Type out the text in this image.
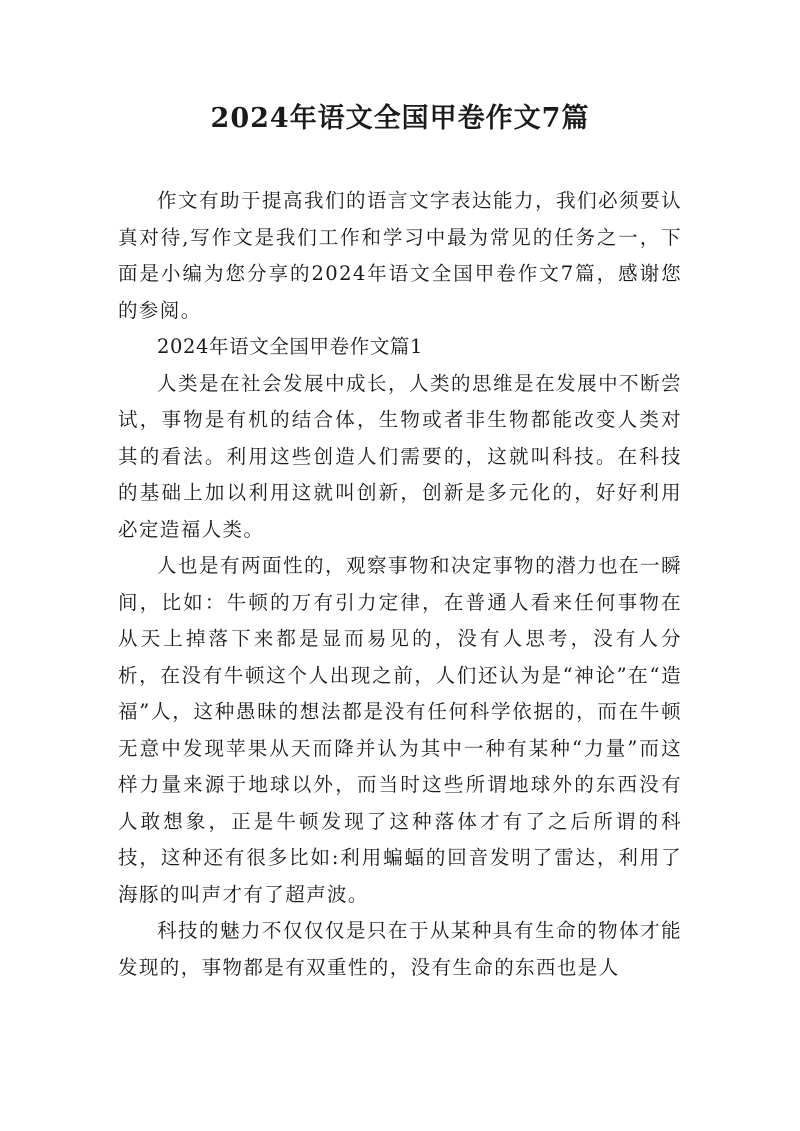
2024年语文全国甲卷作文7篇

作文有助于提高我们的语言文字表达能力，我们必须要认真对待,写作文是我们工作和学习中最为常见的任务之一，下面是小编为您分享的2024年语文全国甲卷作文7篇，感谢您的参阅。

2024年语文全国甲卷作文篇1

人类是在社会发展中成长，人类的思维是在发展中不断尝试，事物是有机的结合体，生物或者非生物都能改变人类对其的看法。利用这些创造人们需要的，这就叫科技。在科技的基础上加以利用这就叫创新，创新是多元化的，好好利用必定造福人类。

人也是有两面性的，观察事物和决定事物的潜力也在一瞬间，比如：牛顿的万有引力定律，在普通人看来任何事物在从天上掉落下来都是显而易见的，没有人思考，没有人分析，在没有牛顿这个人出现之前，人们还认为是“神论”在“造福”人，这种愚昧的想法都是没有任何科学依据的，而在牛顿无意中发现苹果从天而降并认为其中一种有某种“力量”而这样力量来源于地球以外，而当时这些所谓地球外的东西没有人敢想象，正是牛顿发现了这种落体才有了之后所谓的科技，这种还有很多比如:利用蝙蝠的回音发明了雷达，利用了海豚的叫声才有了超声波。

科技的魅力不仅仅仅是只在于从某种具有生命的物体才能发现的，事物都是有双重性的，没有生命的东西也是人
